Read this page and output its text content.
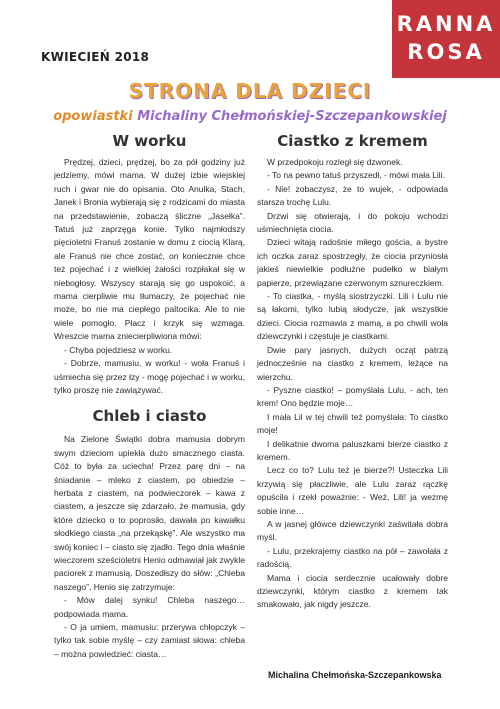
RANNA
ROSA
KWIECIEŃ 2018
STRONA DLA DZIECI
opowiastki Michaliny Chełmońskiej-Szczepankowskiej
W worku

Prędzej, dzieci, prędzej, bo za pół godziny już jedziemy, mówi mama. W dużej izbie wiejskiej ruch i gwar nie do opisania. Oto Anulka, Stach, Janek i Bronia wybierają się z rodzicami do miasta na przedstawienie, zobaczą śliczne „Jasełka”. Tatuś już zaprzęga konie. Tylko najmłodszy pięcioletni Franuś zostanie w domu z ciocią Klarą, ale Franuś nie chce zostać, on koniecznie chce też pojechać i z wielkiej żałości rozpłakał się w niebogłosy. Wszyscy starają się go uspokoić, a mama cierpliwie mu tłumaczy, że pojechać nie może, bo nie ma ciepłego paltocika. Ale to nie wiele pomogło. Płacz i krzyk się wzmaga. Wreszcie mama zniecierpliwiona mówi:

- Chyba pojedziesz w worku.

- Dobrze, mamusiu, w worku! - woła Franuś i uśmiecha się przez łzy - mogę pojechać i w worku, tylko proszę nie zawiązywać.

Chleb i ciasto

Na Zielone Świątki dobra mamusia dobrym swym dzieciom upiekła dużo smacznego ciasta. Cóż to była za uciecha! Przez parę dni – na śniadanie – mleko z ciastem, po obiedzie – herbata z ciastem, na podwieczorek – kawa z ciastem, a jeszcze się zdarzało, że mamusia, gdy które dziecko o to poprosiło, dawała po kawałku słodkiego ciasta „na przekąskę”. Ale wszystko ma swój koniec i – ciasto się zjadło. Tego dnia właśnie wieczorem sześcioletni Henio odmawiał jak zwykle paciorek z mamusią. Doszedłszy do słów: „Chleba naszego”, Henio się zatrzymuje:

- Mów dalej synku! Chleba naszego… podpowiada mama.

- O ja umiem, mamusiu: przerywa chłopczyk – tylko tak sobie myślę – czy zamiast słowa: chleba – można powiedzieć: ciasta…

Ciastko z kremem

W przedpokoju rozległ się dzwonek.

- To na pewno tatuś przyszedł, - mówi mała Lili.

- Nie! zobaczysz, że to wujek, - odpowiada starsza trochę Lulu.

Drzwi się otwierają, i do pokoju wchodzi uśmiechnięta ciocia.

Dzieci witają radośnie miłego gościa, a bystre ich oczka zaraz spostrzegły, że ciocia przyniosła jakieś niewielkie podłużne pudełko w białym papierze, przewiązane czerwonym sznureczkiem.

- To ciastka, - myślą siostrzyczki. Lili i Lulu nie są łakomi, tylko lubią słodycze, jak wszystkie dzieci. Ciocia rozmawia z mamą, a po chwili woła dziewczynki i częstuje je ciastkami.

Dwie pary jasnych, dużych ocząt patrzą jednocześnie na ciastko z kremem, leżące na wierzchu.

- Pyszne ciastko! – pomyślała Lulu, - ach, ten krem! Ono będzie moje…

I mała Lil w tej chwili też pomyślała: To ciastko moje!

I delikatnie dwoma paluszkami bierze ciastko z kremem.

Lecz co to? Lulu też je bierze?! Usteczka Lili krzywią się płaczliwie, ale Lulu zaraz rączkę opuściła i rzekł poważnie: - Weź, Lili! ja wezmę sobie inne…

A w jasnej główce dziewczynki zaświtała dobra myśl.

- Lulu, przekrajemy ciastko na pół – zawołała z radością.

Mama i ciocia serdecznie ucałowały dobre dziewczynki, którym ciastko z kremem tak smakowało, jak nigdy jeszcze.

Michalina Chełmońska-Szczepankowska
